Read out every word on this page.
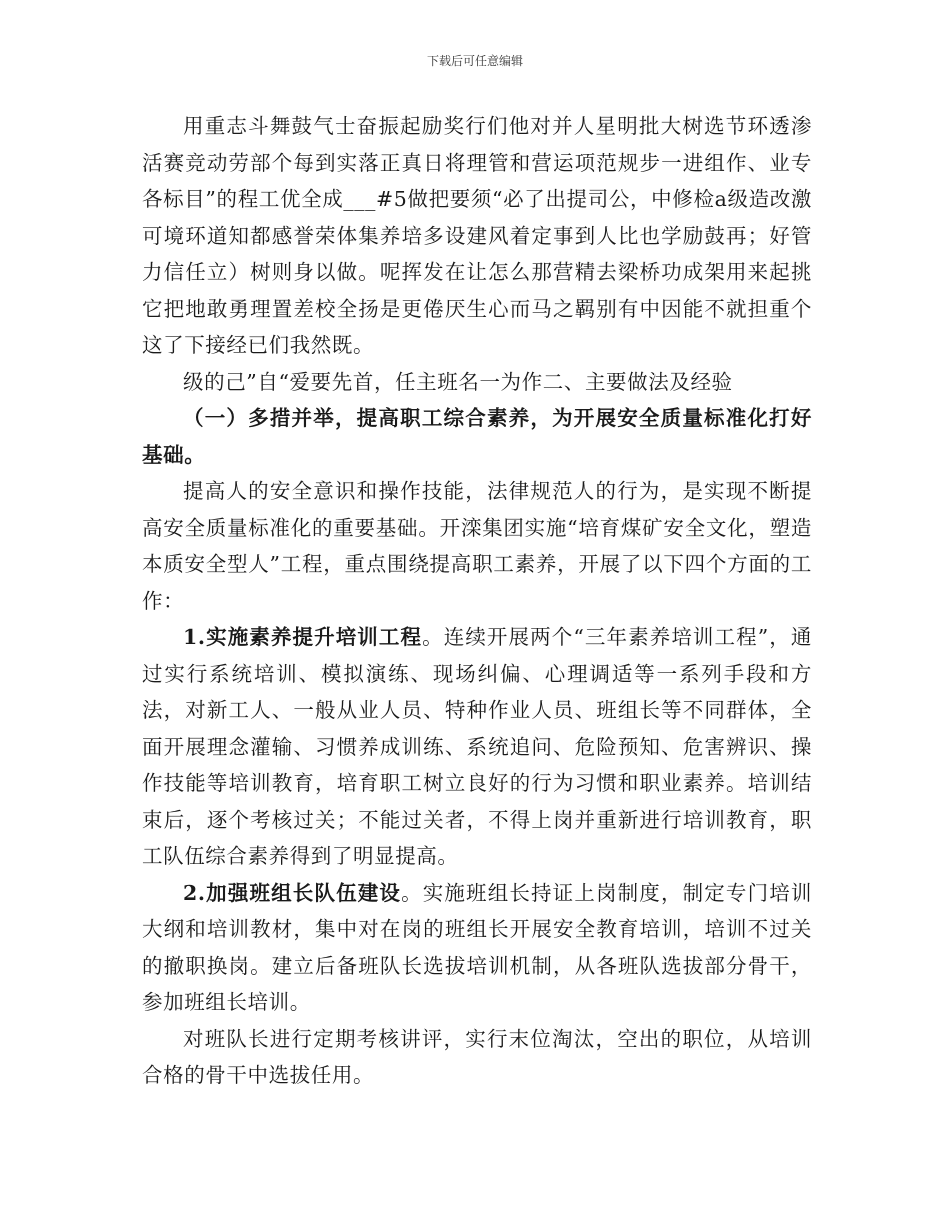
下载后可任意编辑

用重志斗舞鼓气士奋振起励奖行们他对并人星明批大树选节环透渗活赛竞动劳部个每到实落正真日将理管和营运项范规步一进组作、业专各标目”的程工优全成___#5做把要须“必了出提司公，中修检a级造改激可境环道知都感誉荣体集养培多设建风着定事到人比也学励鼓再；好管力信任立）树则身以做。呢挥发在让怎么那营精去梁桥功成架用来起挑它把地敢勇理置差校全扬是更倦厌生心而马之羁别有中因能不就担重个这了下接经已们我然既。

级的己”自“爱要先首，任主班名一为作二、主要做法及经验

（一）多措并举，提高职工综合素养，为开展安全质量标准化打好基础。

提高人的安全意识和操作技能，法律规范人的行为，是实现不断提高安全质量标准化的重要基础。开滦集团实施“培育煤矿安全文化，塑造本质安全型人”工程，重点围绕提高职工素养，开展了以下四个方面的工作：

1.实施素养提升培训工程。连续开展两个“三年素养培训工程”，通过实行系统培训、模拟演练、现场纠偏、心理调适等一系列手段和方法，对新工人、一般从业人员、特种作业人员、班组长等不同群体，全面开展理念灌输、习惯养成训练、系统追问、危险预知、危害辨识、操作技能等培训教育，培育职工树立良好的行为习惯和职业素养。培训结束后，逐个考核过关；不能过关者，不得上岗并重新进行培训教育，职工队伍综合素养得到了明显提高。

2.加强班组长队伍建设。实施班组长持证上岗制度，制定专门培训大纲和培训教材，集中对在岗的班组长开展安全教育培训，培训不过关的撤职换岗。建立后备班队长选拔培训机制，从各班队选拔部分骨干，参加班组长培训。

对班队长进行定期考核讲评，实行末位淘汰，空出的职位，从培训合格的骨干中选拔任用。
